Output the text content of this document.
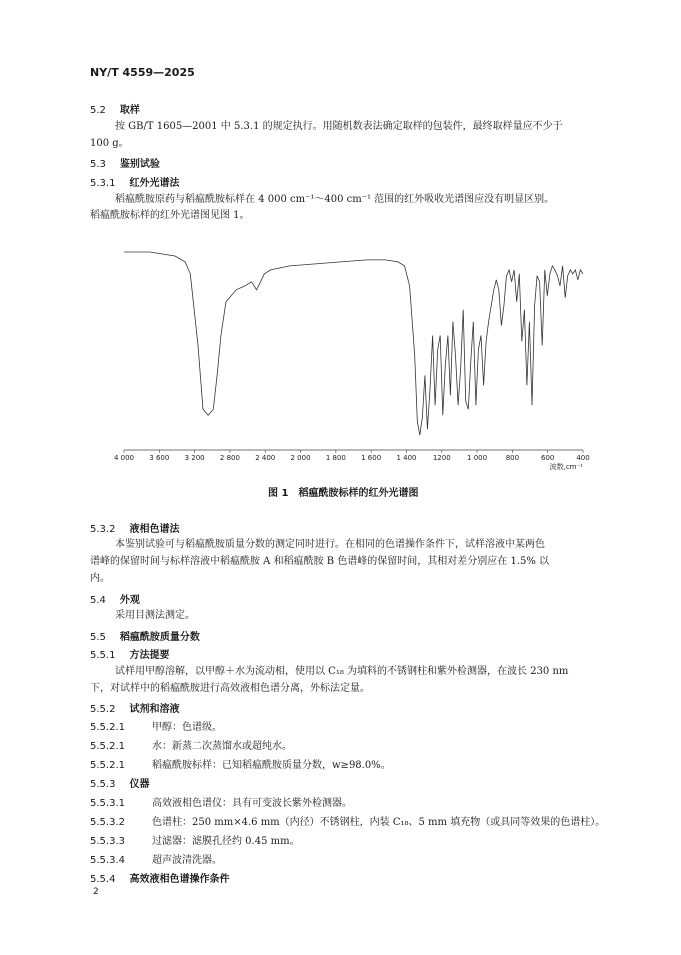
NY/T 4559—2025
5.2 取样
按 GB/T 1605—2001 中 5.3.1 的规定执行。用随机数表法确定取样的包装件，最终取样量应不少于
100 g。
5.3 鉴别试验
5.3.1 红外光谱法
稻瘟酰胺原药与稻瘟酰胺标样在 4 000 cm⁻¹～400 cm⁻¹ 范围的红外吸收光谱图应没有明显区别。
稻瘟酰胺标样的红外光谱图见图 1。
4 000 3 600 3 200 2 800 2 400 2 000 1 800 1 600 1 400 1200 1 000	800	600	400
波数,cm⁻¹
图 1　稻瘟酰胺标样的红外光谱图
5.3.2 液相色谱法
本鉴别试验可与稻瘟酰胺质量分数的测定同时进行。在相同的色谱操作条件下，试样溶液中某两色
谱峰的保留时间与标样溶液中稻瘟酰胺 A 和稻瘟酰胺 B 色谱峰的保留时间，其相对差分别应在 1.5% 以
内。
5.4 外观
采用目测法测定。
5.5 稻瘟酰胺质量分数
5.5.1 方法提要
试样用甲醇溶解，以甲醇＋水为流动相，使用以 C₁₈ 为填料的不锈钢柱和紫外检测器，在波长 230 nm
下，对试样中的稻瘟酰胺进行高效液相色谱分离，外标法定量。
5.5.2 试剂和溶液
5.5.2.1	甲醇：色谱级。
5.5.2.1	水：新蒸二次蒸馏水或超纯水。
5.5.2.1	稻瘟酰胺标样：已知稻瘟酰胺质量分数，w≥98.0%。
5.5.3 仪器
5.5.3.1	高效液相色谱仪：具有可变波长紫外检测器。
5.5.3.2	色谱柱：250 mm×4.6 mm（内径）不锈钢柱，内装 C₁₈、5 mm 填充物（或具同等效果的色谱柱）。
5.5.3.3	过滤器：滤膜孔径约 0.45 mm。
5.5.3.4	超声波清洗器。
5.5.4 高效液相色谱操作条件
2
